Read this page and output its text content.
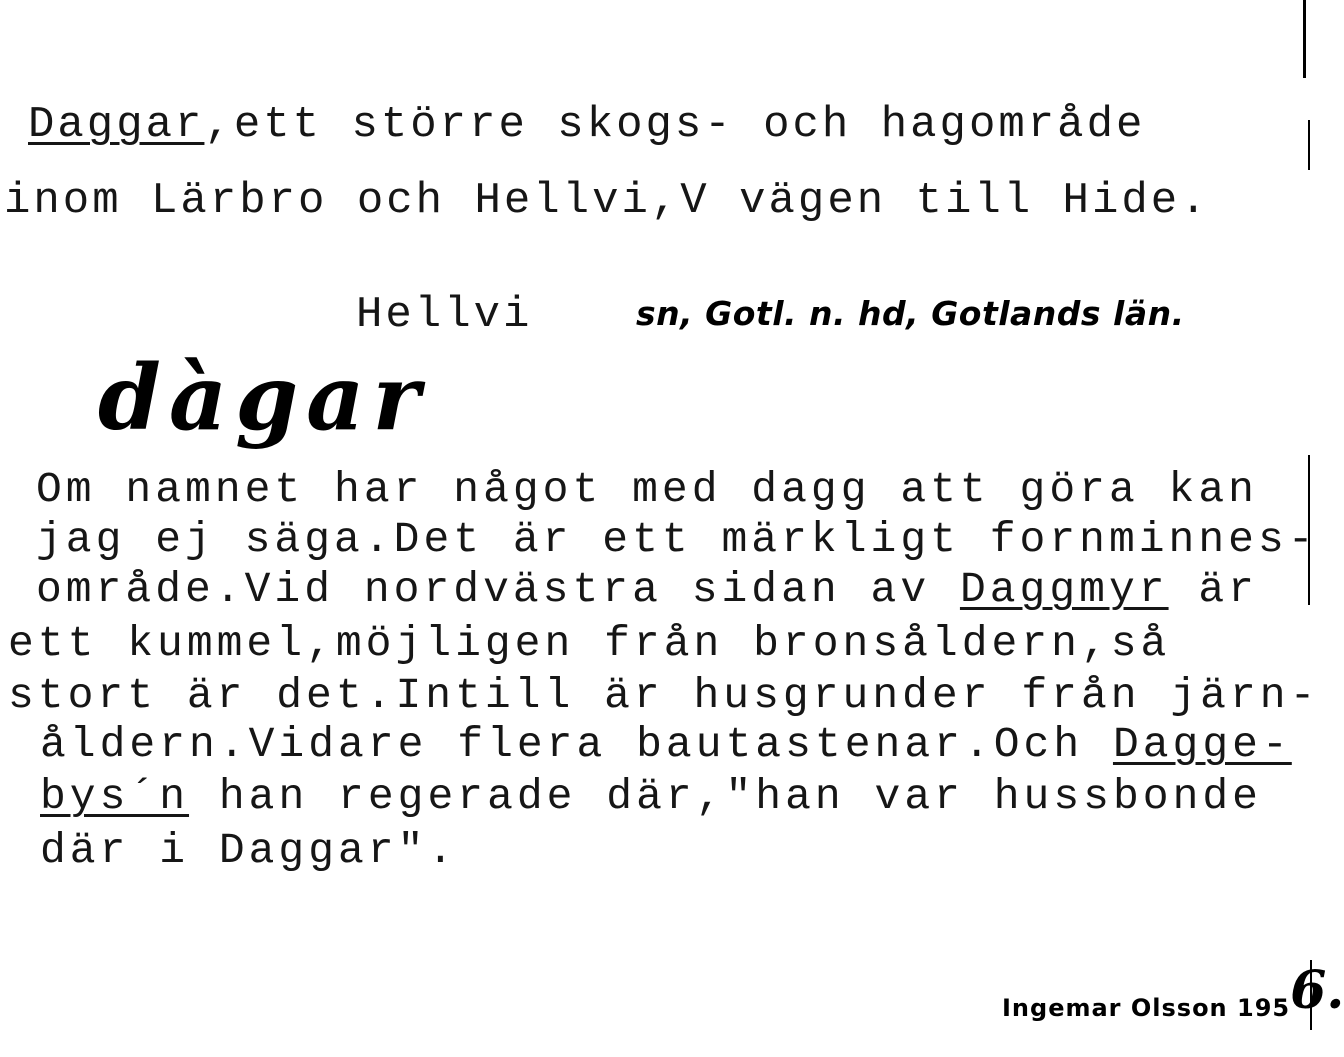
Daggar,ett större skogs- och hagområde
inom Lärbro och Hellvi,V vägen till Hide.
Hellvi	sn, Gotl. n. hd, Gotlands län.
dàgar
Om namnet har något med dagg att göra kan
jag ej säga.Det är ett märkligt fornminnes-
område.Vid nordvästra sidan av Daggmyr är
ett kummel,möjligen från bronsåldern,så
stort är det.Intill är husgrunder från järn-
åldern.Vidare flera bautastenar.Och Dagge-
bys´n han regerade där,"han var hussbonde
där i Daggar".

Ingemar Olsson 1956.
